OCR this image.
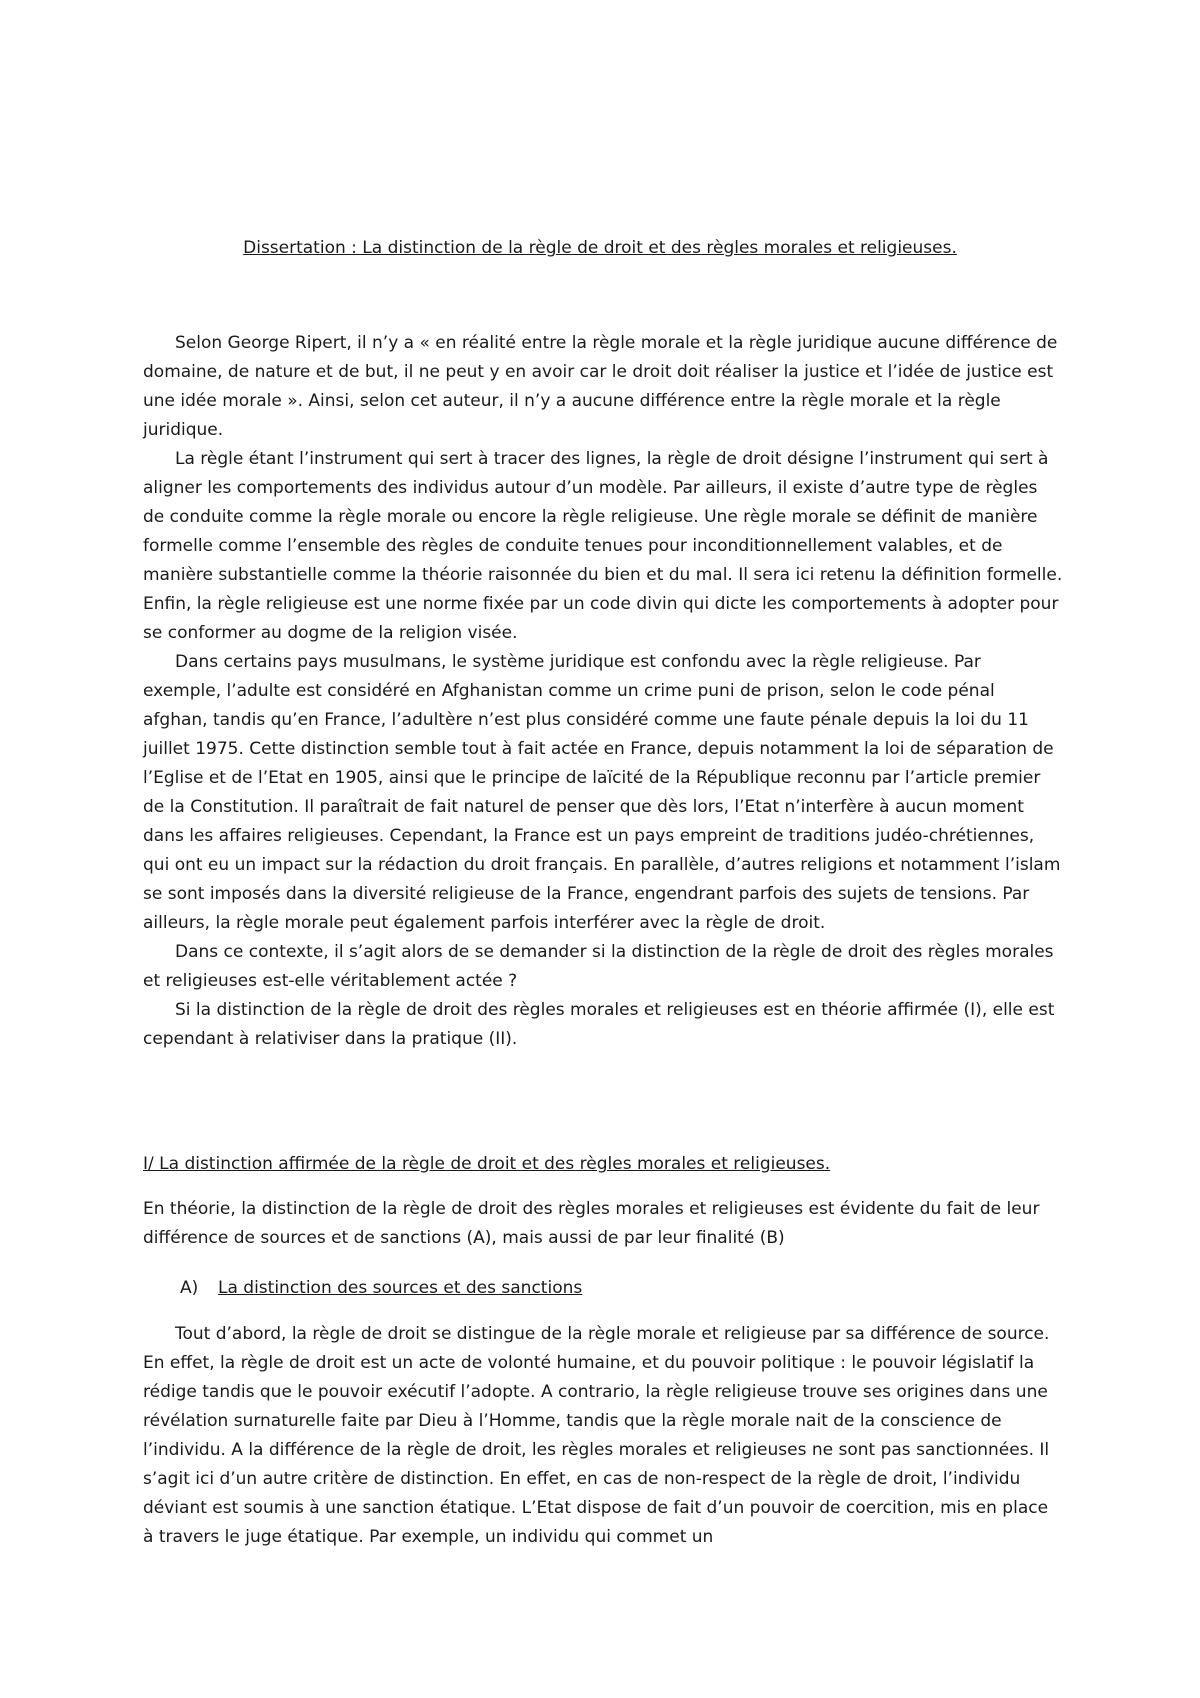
Dissertation : La distinction de la règle de droit et des règles morales et religieuses.

Selon George Ripert, il n’y a « en réalité entre la règle morale et la règle juridique aucune différence de domaine, de nature et de but, il ne peut y en avoir car le droit doit réaliser la justice et l’idée de justice est une idée morale ». Ainsi, selon cet auteur, il n’y a aucune différence entre la règle morale et la règle juridique.

La règle étant l’instrument qui sert à tracer des lignes, la règle de droit désigne l’instrument qui sert à aligner les comportements des individus autour d’un modèle. Par ailleurs, il existe d’autre type de règles de conduite comme la règle morale ou encore la règle religieuse. Une règle morale se définit de manière formelle comme l’ensemble des règles de conduite tenues pour inconditionnellement valables, et de manière substantielle comme la théorie raisonnée du bien et du mal. Il sera ici retenu la définition formelle. Enfin, la règle religieuse est une norme fixée par un code divin qui dicte les comportements à adopter pour se conformer au dogme de la religion visée.

Dans certains pays musulmans, le système juridique est confondu avec la règle religieuse. Par exemple, l’adulte est considéré en Afghanistan comme un crime puni de prison, selon le code pénal afghan, tandis qu’en France, l’adultère n’est plus considéré comme une faute pénale depuis la loi du 11 juillet 1975. Cette distinction semble tout à fait actée en France, depuis notamment la loi de séparation de l’Eglise et de l’Etat en 1905, ainsi que le principe de laïcité de la République reconnu par l’article premier de la Constitution. Il paraîtrait de fait naturel de penser que dès lors, l’Etat n’interfère à aucun moment dans les affaires religieuses. Cependant, la France est un pays empreint de traditions judéo-chrétiennes, qui ont eu un impact sur la rédaction du droit français. En parallèle, d’autres religions et notamment l’islam se sont imposés dans la diversité religieuse de la France, engendrant parfois des sujets de tensions. Par ailleurs, la règle morale peut également parfois interférer avec la règle de droit.

Dans ce contexte, il s’agit alors de se demander si la distinction de la règle de droit des règles morales et religieuses est-elle véritablement actée ?

Si la distinction de la règle de droit des règles morales et religieuses est en théorie affirmée (I), elle est cependant à relativiser dans la pratique (II).

I/ La distinction affirmée de la règle de droit et des règles morales et religieuses.

En théorie, la distinction de la règle de droit des règles morales et religieuses est évidente du fait de leur différence de sources et de sanctions (A), mais aussi de par leur finalité (B)

A) La distinction des sources et des sanctions

Tout d’abord, la règle de droit se distingue de la règle morale et religieuse par sa différence de source. En effet, la règle de droit est un acte de volonté humaine, et du pouvoir politique : le pouvoir législatif la rédige tandis que le pouvoir exécutif l’adopte. A contrario, la règle religieuse trouve ses origines dans une révélation surnaturelle faite par Dieu à l’Homme, tandis que la règle morale nait de la conscience de l’individu. A la différence de la règle de droit, les règles morales et religieuses ne sont pas sanctionnées. Il s’agit ici d’un autre critère de distinction. En effet, en cas de non-respect de la règle de droit, l’individu déviant est soumis à une sanction étatique. L’Etat dispose de fait d’un pouvoir de coercition, mis en place à travers le juge étatique. Par exemple, un individu qui commet un
